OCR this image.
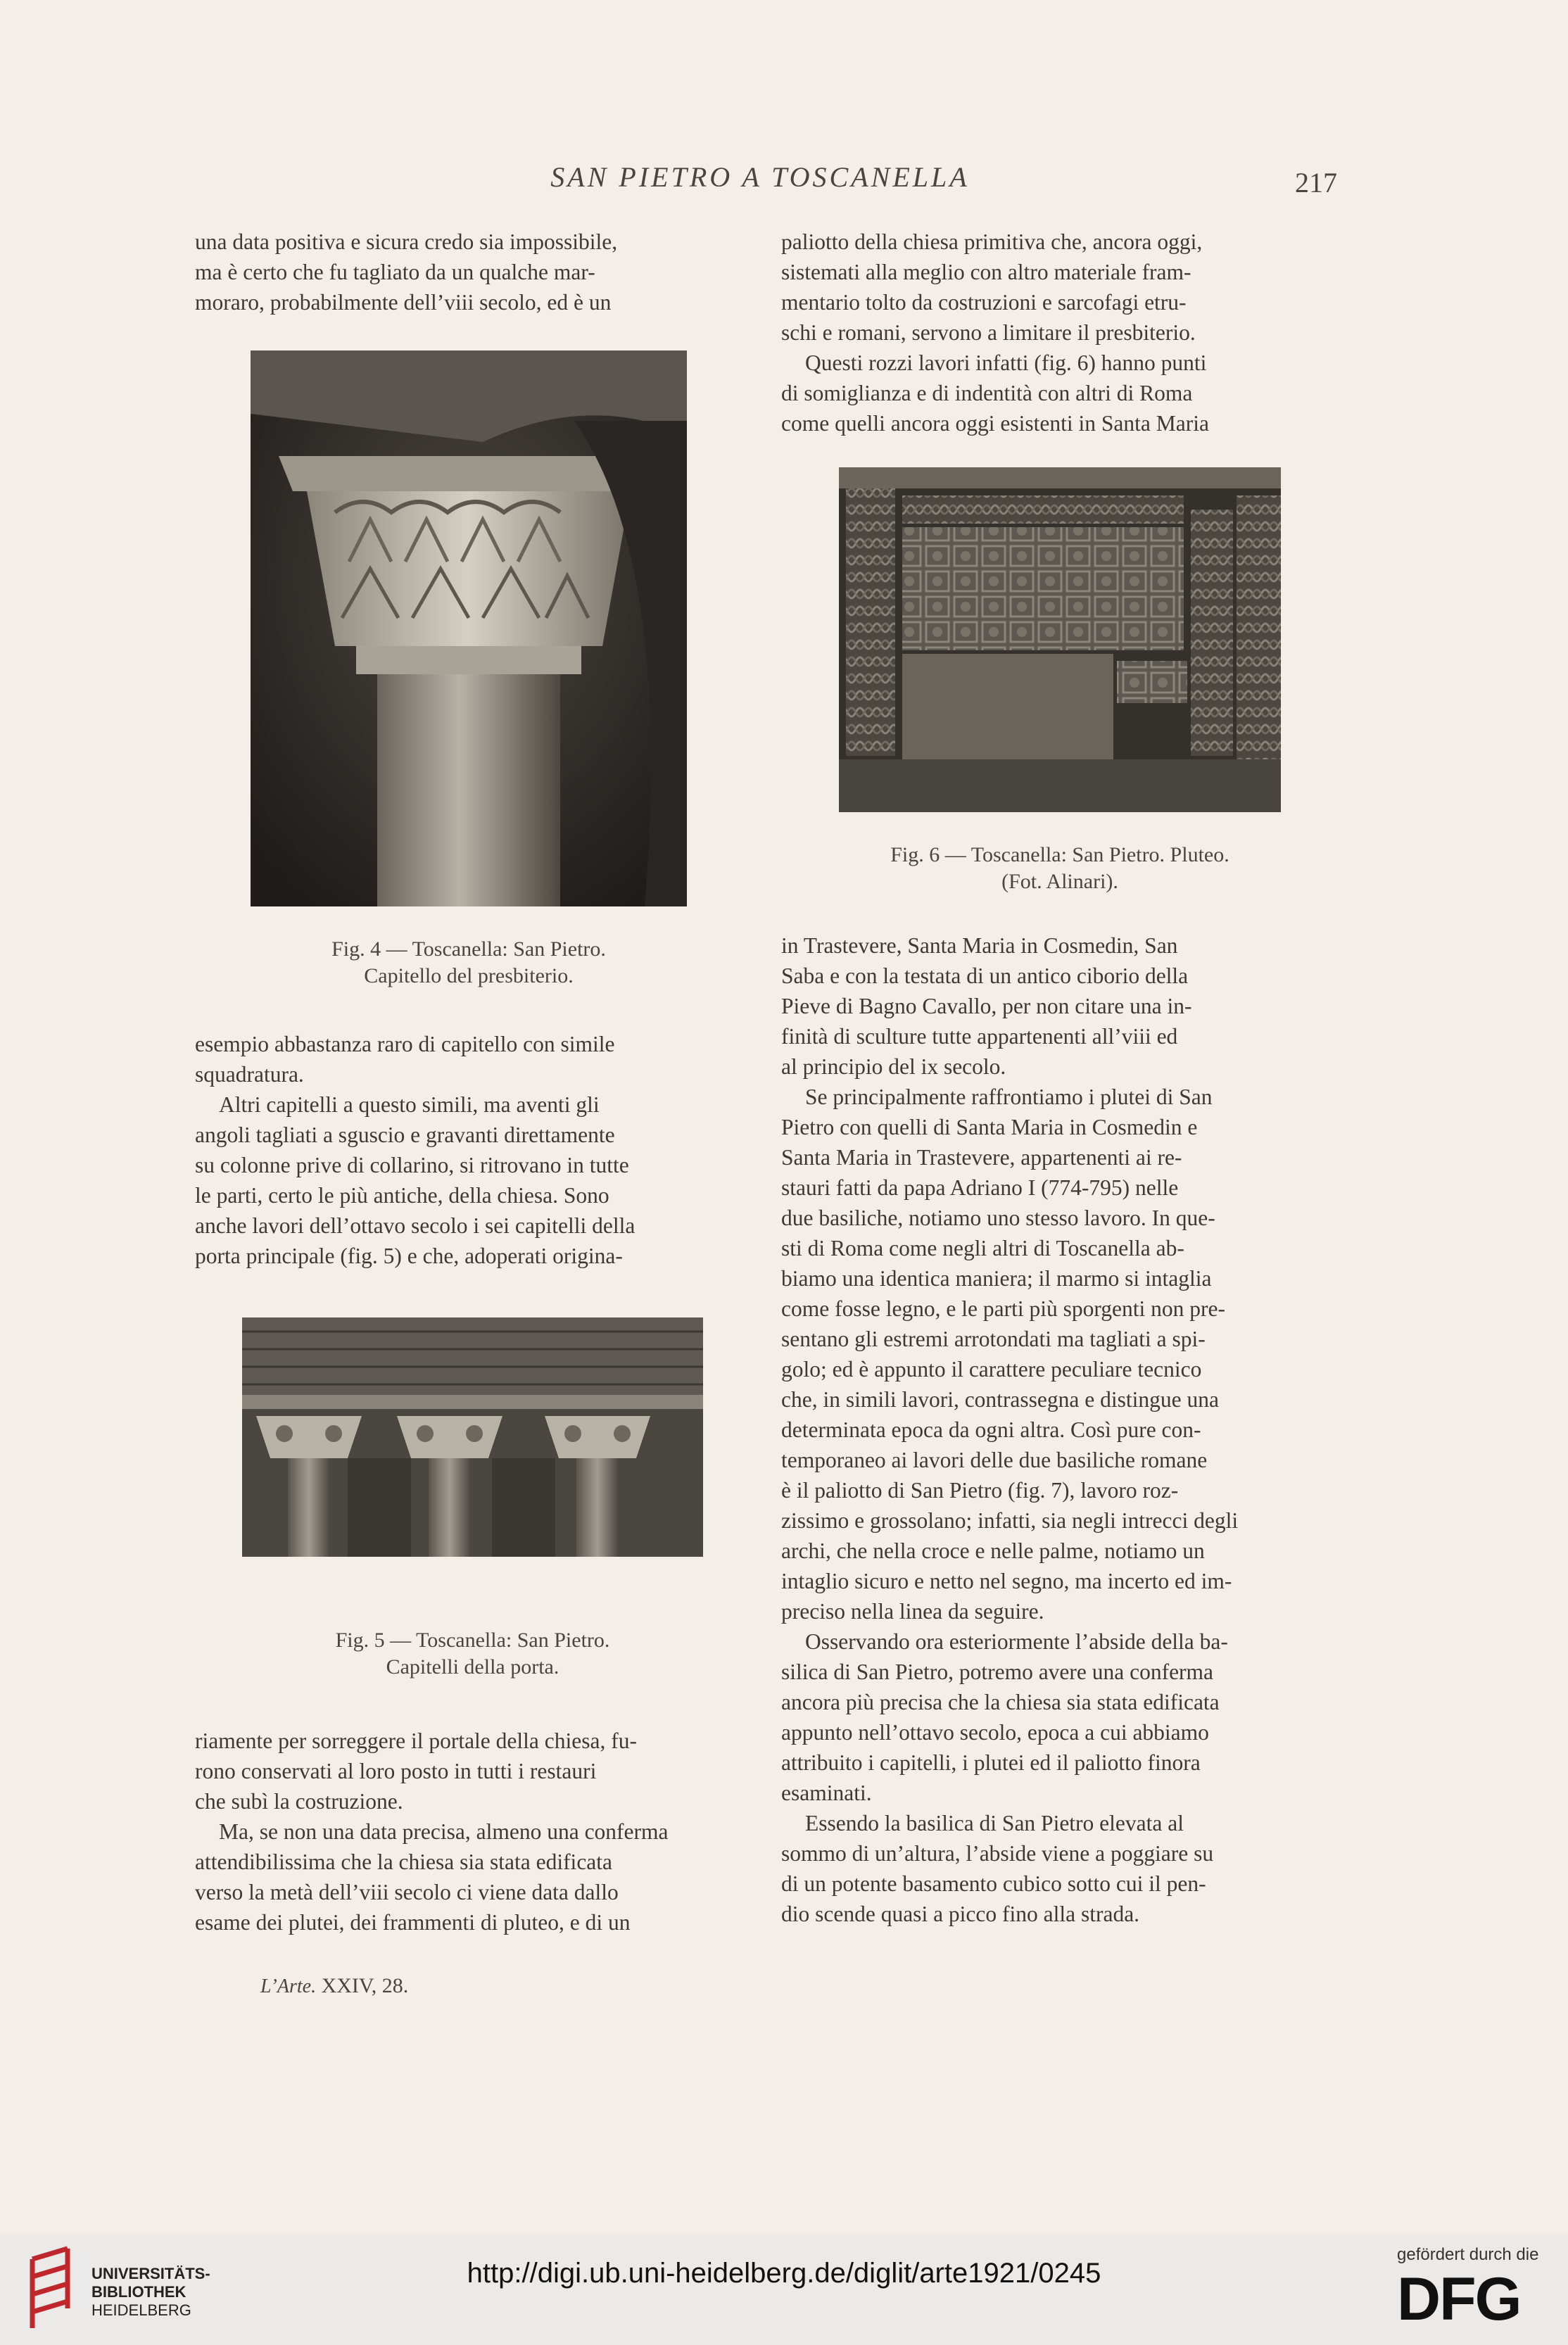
SAN PIETRO A TOSCANELLA	217

una data positiva e sicura credo sia impossibile,

ma è certo che fu tagliato da un qualche mar-

moraro, probabilmente dell’viii secolo, ed è un

Fig. 4 — Toscanella: San Pietro.
Capitello del presbiterio.

esempio abbastanza raro di capitello con simile

squadratura.

Altri capitelli a questo simili, ma aventi gli

angoli tagliati a sguscio e gravanti direttamente

su colonne prive di collarino, si ritrovano in tutte

le parti, certo le più antiche, della chiesa. Sono

anche lavori dell’ottavo secolo i sei capitelli della

porta principale (fig. 5) e che, adoperati origina-

Fig. 5 — Toscanella: San Pietro.
Capitelli della porta.

riamente per sorreggere il portale della chiesa, fu-

rono conservati al loro posto in tutti i restauri

che subì la costruzione.

Ma, se non una data precisa, almeno una conferma

attendibilissima che la chiesa sia stata edificata

verso la metà dell’viii secolo ci viene data dallo

esame dei plutei, dei frammenti di pluteo, e di un

paliotto della chiesa primitiva che, ancora oggi,

sistemati alla meglio con altro materiale fram-

mentario tolto da costruzioni e sarcofagi etru-

schi e romani, servono a limitare il presbiterio.

Questi rozzi lavori infatti (fig. 6) hanno punti

di somiglianza e di indentità con altri di Roma

come quelli ancora oggi esistenti in Santa Maria

Fig. 6 — Toscanella: San Pietro. Pluteo.
(Fot. Alinari).

in Trastevere, Santa Maria in Cosmedin, San

Saba e con la testata di un antico ciborio della

Pieve di Bagno Cavallo, per non citare una in-

finità di sculture tutte appartenenti all’viii ed

al principio del ix secolo.

Se principalmente raffrontiamo i plutei di San

Pietro con quelli di Santa Maria in Cosmedin e

Santa Maria in Trastevere, appartenenti ai re-

stauri fatti da papa Adriano I (774-795) nelle

due basiliche, notiamo uno stesso lavoro. In que-

sti di Roma come negli altri di Toscanella ab-

biamo una identica maniera; il marmo si intaglia

come fosse legno, e le parti più sporgenti non pre-

sentano gli estremi arrotondati ma tagliati a spi-

golo; ed è appunto il carattere peculiare tecnico

che, in simili lavori, contrassegna e distingue una

determinata epoca da ogni altra. Così pure con-

temporaneo ai lavori delle due basiliche romane

è il paliotto di San Pietro (fig. 7), lavoro roz-

zissimo e grossolano; infatti, sia negli intrecci degli

archi, che nella croce e nelle palme, notiamo un

intaglio sicuro e netto nel segno, ma incerto ed im-

preciso nella linea da seguire.

Osservando ora esteriormente l’abside della ba-

silica di San Pietro, potremo avere una conferma

ancora più precisa che la chiesa sia stata edificata

appunto nell’ottavo secolo, epoca a cui abbiamo

attribuito i capitelli, i plutei ed il paliotto finora

esaminati.

Essendo la basilica di San Pietro elevata al

sommo di un’altura, l’abside viene a poggiare su

di un potente basamento cubico sotto cui il pen-

dio scende quasi a picco fino alla strada.

L’Arte. XXIV, 28.
UNIVERSITÄTS-
BIBLIOTHEK
HEIDELBERG
http://digi.ub.uni-heidelberg.de/diglit/arte1921/0245
gefördert durch die
DFG
